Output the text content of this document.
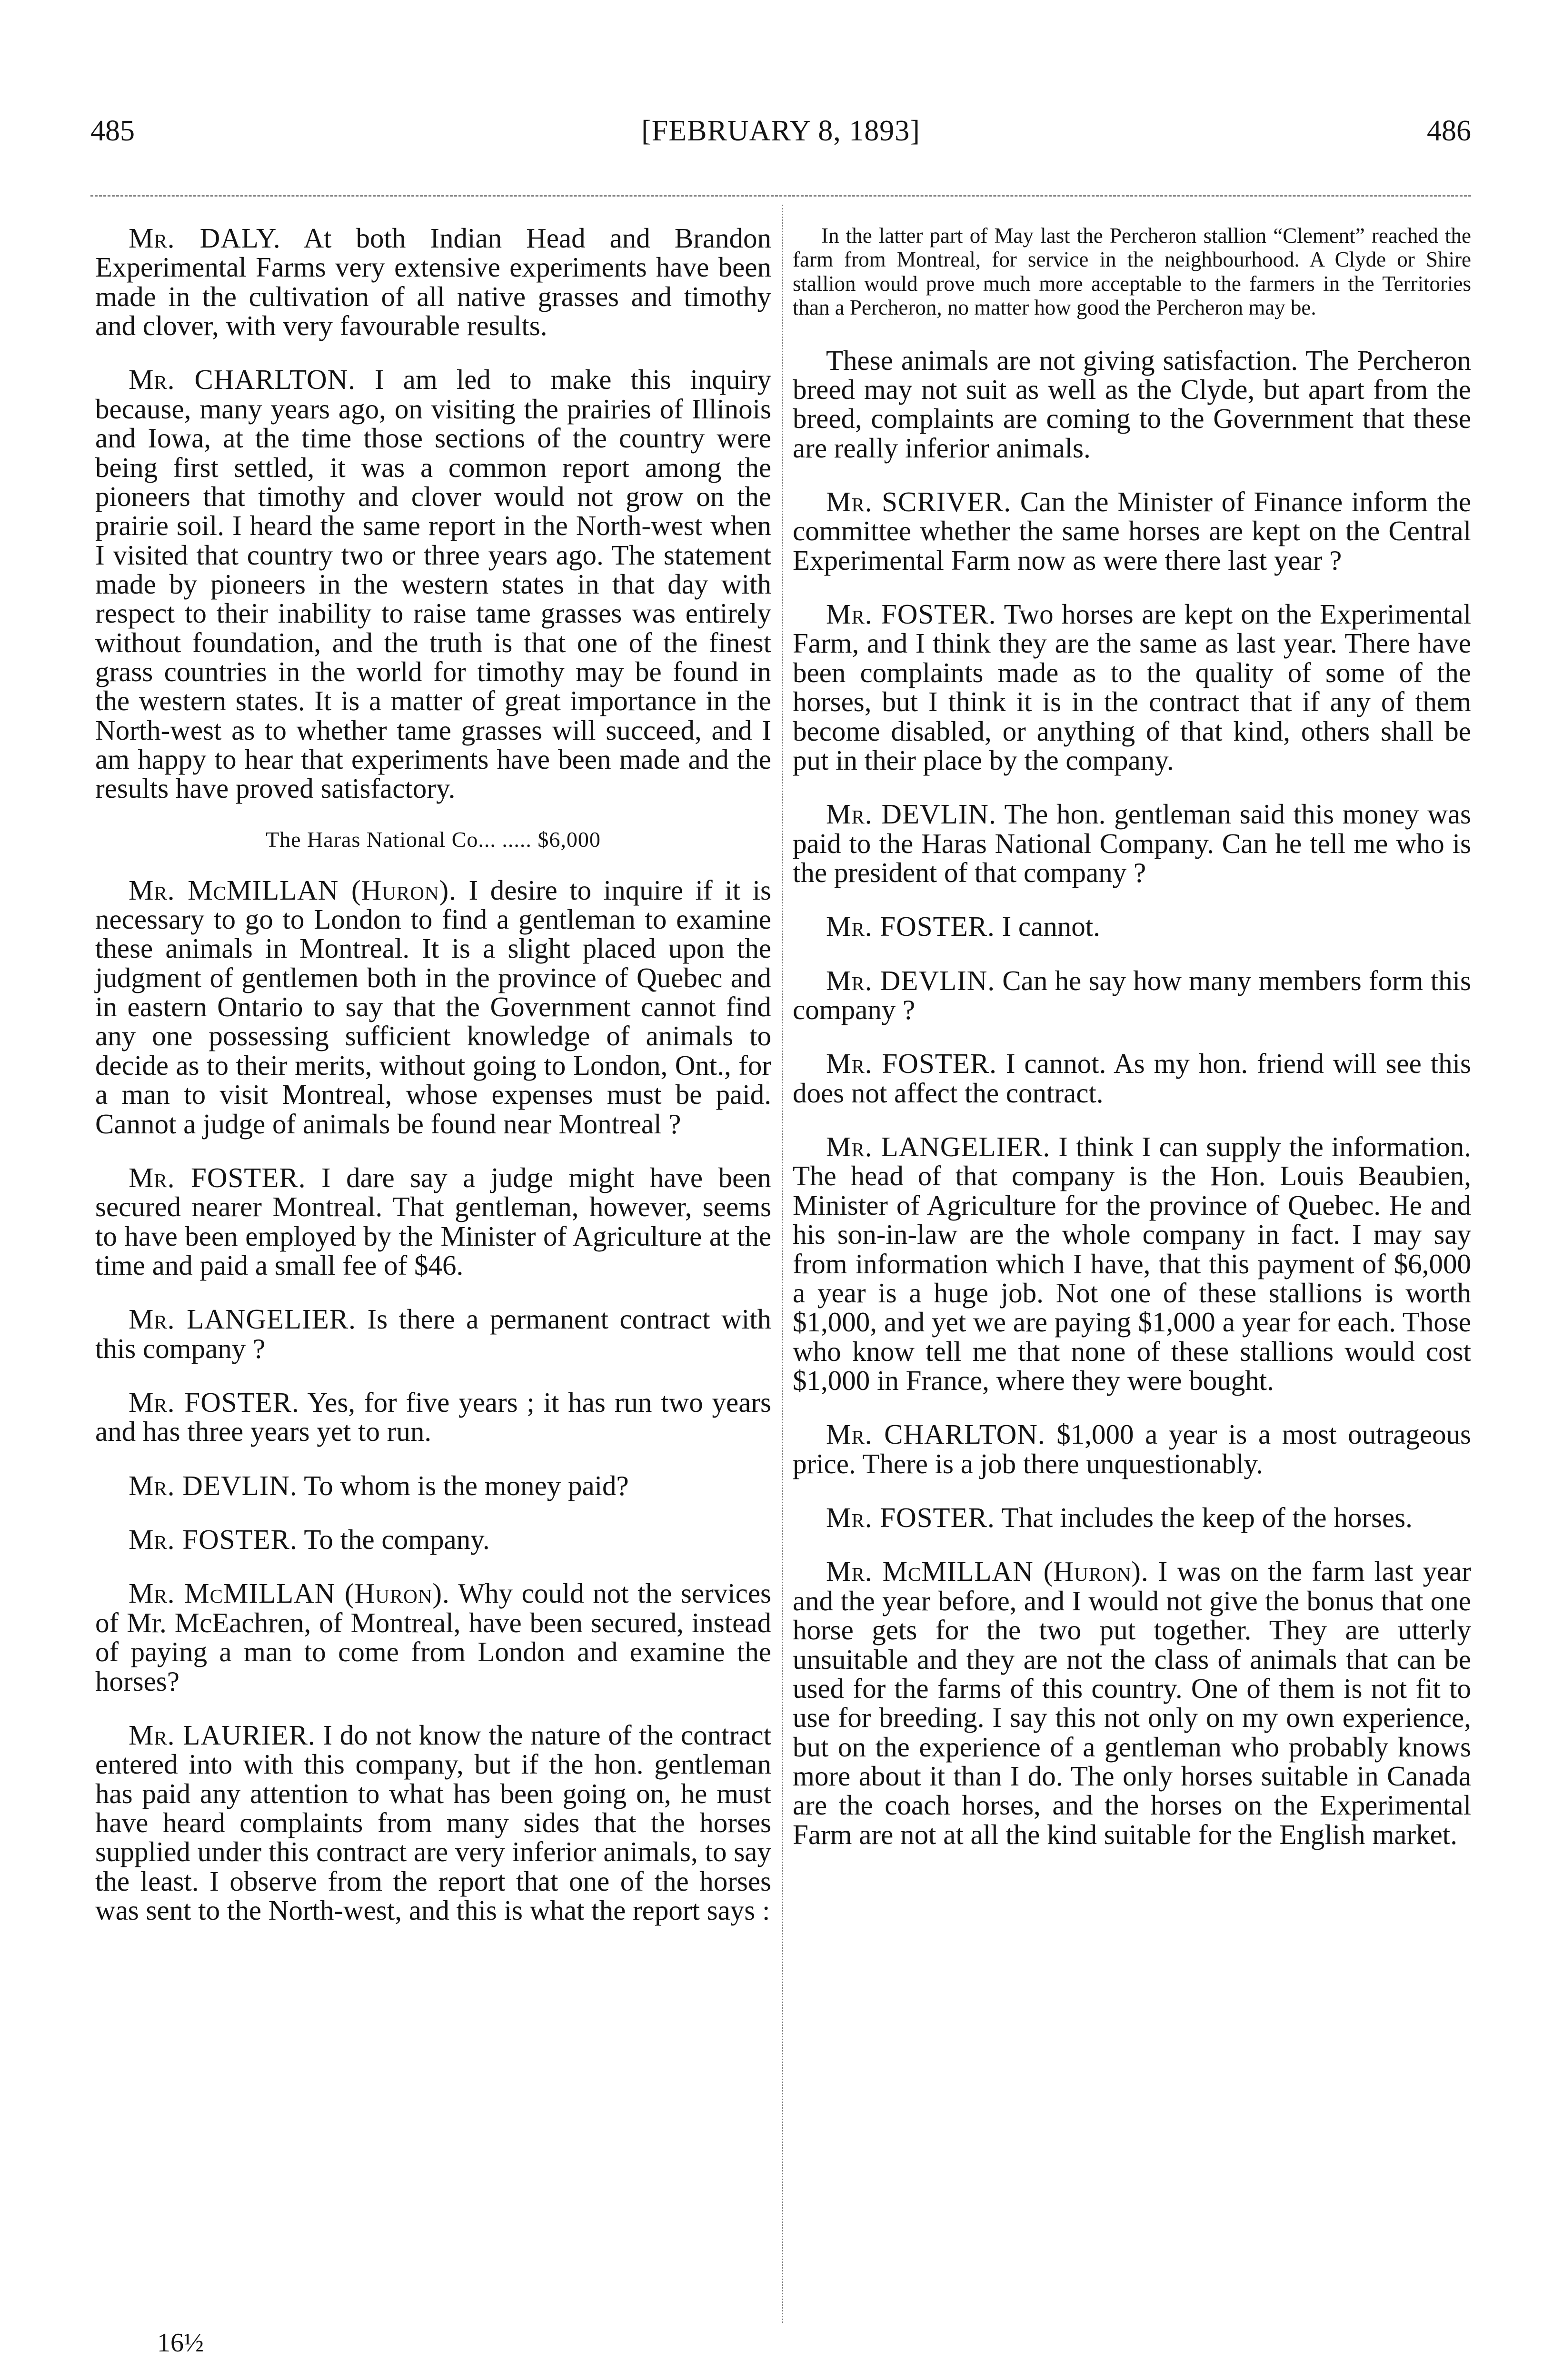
485	[FEBRUARY 8, 1893]	486

Mr. DALY. At both Indian Head and Brandon Experimental Farms very extensive experiments have been made in the cultivation of all native grasses and timothy and clover, with very favourable results.

Mr. CHARLTON. I am led to make this inquiry because, many years ago, on visiting the prairies of Illinois and Iowa, at the time those sections of the country were being first settled, it was a common report among the pioneers that timothy and clover would not grow on the prairie soil. I heard the same report in the North-west when I visited that country two or three years ago. The statement made by pioneers in the western states in that day with respect to their inability to raise tame grasses was entirely without foundation, and the truth is that one of the finest grass countries in the world for timothy may be found in the western states. It is a matter of great importance in the North-west as to whether tame grasses will succeed, and I am happy to hear that experiments have been made and the results have proved satisfactory.

The Haras National Co... ..... $6,000

Mr. McMILLAN (Huron). I desire to inquire if it is necessary to go to London to find a gentleman to examine these animals in Montreal. It is a slight placed upon the judgment of gentlemen both in the province of Quebec and in eastern Ontario to say that the Government cannot find any one possessing sufficient knowledge of animals to decide as to their merits, without going to London, Ont., for a man to visit Montreal, whose expenses must be paid. Cannot a judge of animals be found near Montreal ?

Mr. FOSTER. I dare say a judge might have been secured nearer Montreal. That gentleman, however, seems to have been employed by the Minister of Agriculture at the time and paid a small fee of $46.

Mr. LANGELIER. Is there a permanent contract with this company ?

Mr. FOSTER. Yes, for five years ; it has run two years and has three years yet to run.

Mr. DEVLIN. To whom is the money paid?

Mr. FOSTER. To the company.

Mr. McMILLAN (Huron). Why could not the services of Mr. McEachren, of Montreal, have been secured, instead of paying a man to come from London and examine the horses?

Mr. LAURIER. I do not know the nature of the contract entered into with this company, but if the hon. gentleman has paid any attention to what has been going on, he must have heard complaints from many sides that the horses supplied under this contract are very inferior animals, to say the least. I observe from the report that one of the horses was sent to the North-west, and this is what the report says :

In the latter part of May last the Percheron stallion “Clement” reached the farm from Montreal, for service in the neighbourhood. A Clyde or Shire stallion would prove much more acceptable to the farmers in the Territories than a Percheron, no matter how good the Percheron may be.

These animals are not giving satisfaction. The Percheron breed may not suit as well as the Clyde, but apart from the breed, complaints are coming to the Government that these are really inferior animals.

Mr. SCRIVER. Can the Minister of Finance inform the committee whether the same horses are kept on the Central Experimental Farm now as were there last year ?

Mr. FOSTER. Two horses are kept on the Experimental Farm, and I think they are the same as last year. There have been complaints made as to the quality of some of the horses, but I think it is in the contract that if any of them become disabled, or anything of that kind, others shall be put in their place by the company.

Mr. DEVLIN. The hon. gentleman said this money was paid to the Haras National Company. Can he tell me who is the president of that company ?

Mr. FOSTER. I cannot.

Mr. DEVLIN. Can he say how many members form this company ?

Mr. FOSTER. I cannot. As my hon. friend will see this does not affect the contract.

Mr. LANGELIER. I think I can supply the information. The head of that company is the Hon. Louis Beaubien, Minister of Agriculture for the province of Quebec. He and his son-in-law are the whole company in fact. I may say from information which I have, that this payment of $6,000 a year is a huge job. Not one of these stallions is worth $1,000, and yet we are paying $1,000 a year for each. Those who know tell me that none of these stallions would cost $1,000 in France, where they were bought.

Mr. CHARLTON. $1,000 a year is a most outrageous price. There is a job there unquestionably.

Mr. FOSTER. That includes the keep of the horses.

Mr. McMILLAN (Huron). I was on the farm last year and the year before, and I would not give the bonus that one horse gets for the two put together. They are utterly unsuitable and they are not the class of animals that can be used for the farms of this country. One of them is not fit to use for breeding. I say this not only on my own experience, but on the experience of a gentleman who probably knows more about it than I do. The only horses suitable in Canada are the coach horses, and the horses on the Experimental Farm are not at all the kind suitable for the English market.

16½
